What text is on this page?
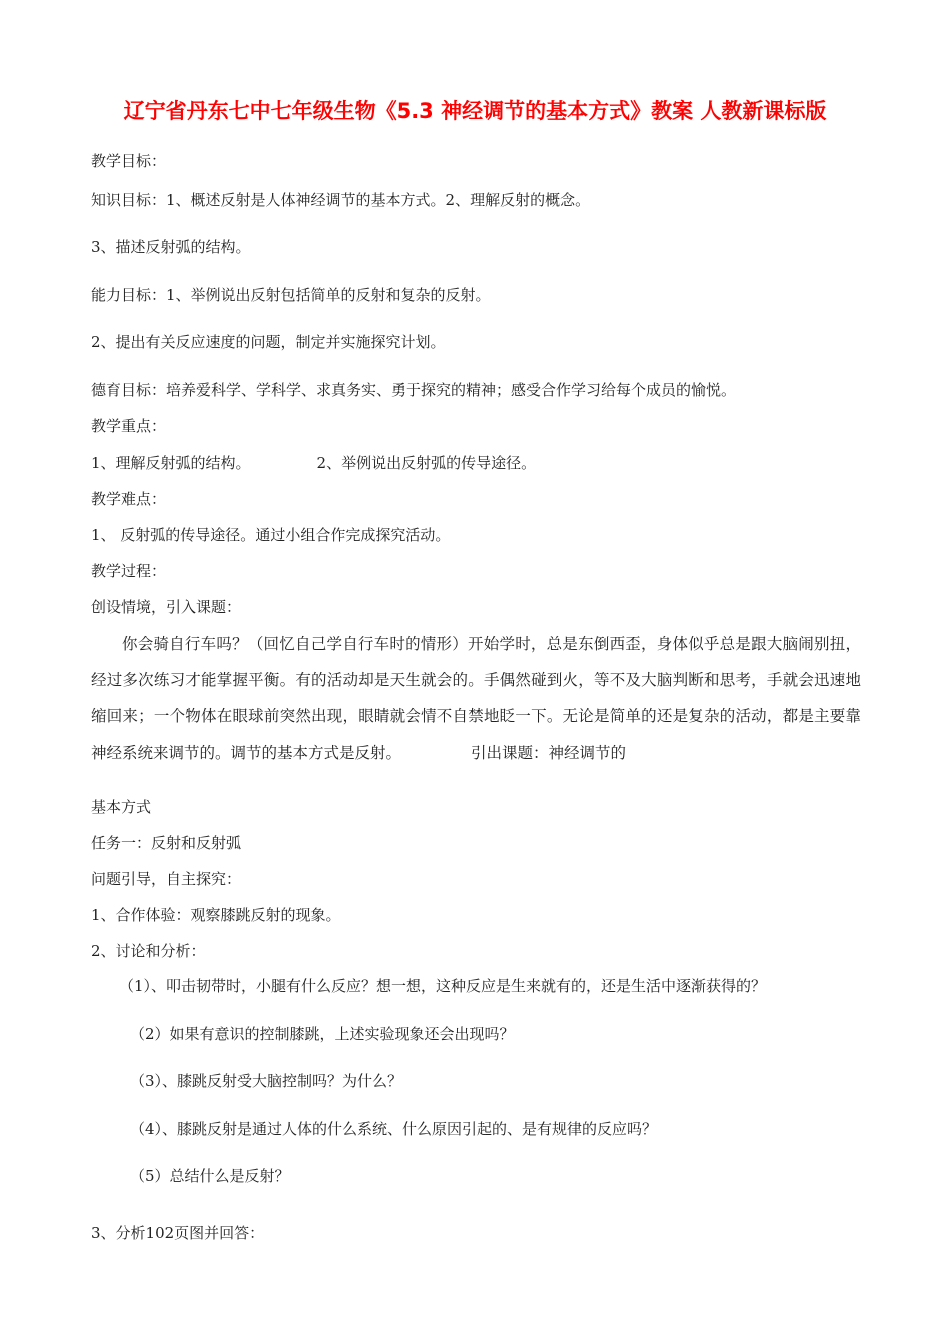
辽宁省丹东七中七年级生物《5.3 神经调节的基本方式》教案 人教新课标版
教学目标：
知识目标：1、概述反射是人体神经调节的基本方式。2、理解反射的概念。
3、描述反射弧的结构。
能力目标：1、举例说出反射包括简单的反射和复杂的反射。
2、提出有关反应速度的问题，制定并实施探究计划。
德育目标：培养爱科学、学科学、求真务实、勇于探究的精神；感受合作学习给每个成员的愉悦。
教学重点：
1、理解反射弧的结构。	2、举例说出反射弧的传导途径。
教学难点：
1、 反射弧的传导途径。通过小组合作完成探究活动。
教学过程：
创设情境，引入课题：
你会骑自行车吗？（回忆自己学自行车时的情形）开始学时，总是东倒西歪，身体似乎总是跟大脑闹别扭，经过多次练习才能掌握平衡。有的活动却是天生就会的。手偶然碰到火，等不及大脑判断和思考，手就会迅速地缩回来；一个物体在眼球前突然出现，眼睛就会情不自禁地眨一下。无论是简单的还是复杂的活动，都是主要靠神经系统来调节的。调节的基本方式是反射。	引出课题：神经调节的
基本方式
任务一：反射和反射弧
问题引导，自主探究：
1、合作体验：观察膝跳反射的现象。
2、讨论和分析：
（1）、叩击韧带时，小腿有什么反应？想一想，这种反应是生来就有的，还是生活中逐渐获得的？
（2）如果有意识的控制膝跳，上述实验现象还会出现吗？
（3）、膝跳反射受大脑控制吗？为什么？
（4）、膝跳反射是通过人体的什么系统、什么原因引起的、是有规律的反应吗？
（5）总结什么是反射？
3、分析102页图并回答：
